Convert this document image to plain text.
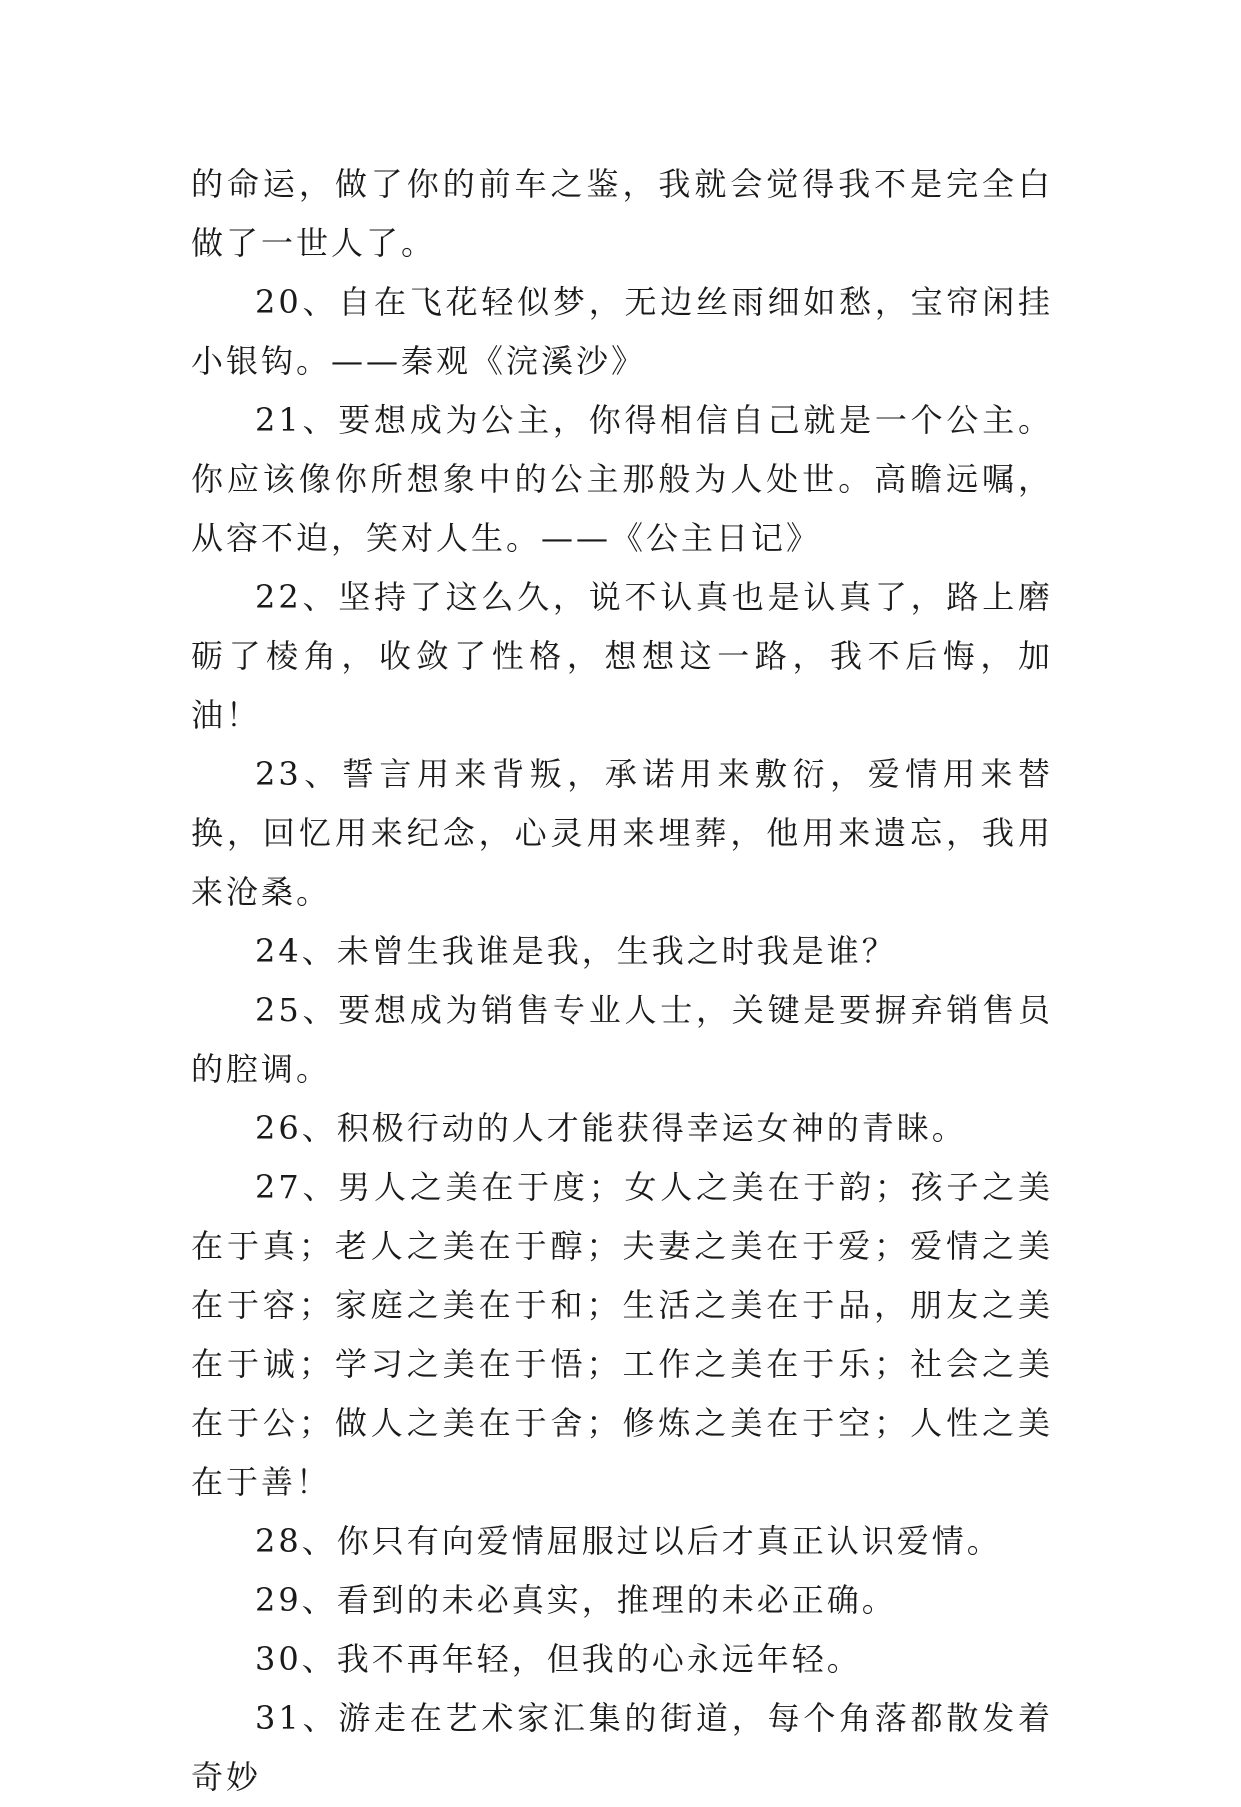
的命运，做了你的前车之鉴，我就会觉得我不是完全白做了一世人了。

20、自在飞花轻似梦，无边丝雨细如愁，宝帘闲挂小银钩。——秦观《浣溪沙》

21、要想成为公主，你得相信自己就是一个公主。你应该像你所想象中的公主那般为人处世。高瞻远嘱，从容不迫，笑对人生。——《公主日记》

22、坚持了这么久，说不认真也是认真了，路上磨砺了棱角，收敛了性格，想想这一路，我不后悔，加油！

23、誓言用来背叛，承诺用来敷衍，爱情用来替换，回忆用来纪念，心灵用来埋葬，他用来遗忘，我用来沧桑。

24、未曾生我谁是我，生我之时我是谁？

25、要想成为销售专业人士，关键是要摒弃销售员的腔调。

26、积极行动的人才能获得幸运女神的青睐。

27、男人之美在于度；女人之美在于韵；孩子之美在于真；老人之美在于醇；夫妻之美在于爱；爱情之美在于容；家庭之美在于和；生活之美在于品，朋友之美在于诚；学习之美在于悟；工作之美在于乐；社会之美在于公；做人之美在于舍；修炼之美在于空；人性之美在于善！

28、你只有向爱情屈服过以后才真正认识爱情。

29、看到的未必真实，推理的未必正确。

30、我不再年轻，但我的心永远年轻。

31、游走在艺术家汇集的街道，每个角落都散发着奇妙
